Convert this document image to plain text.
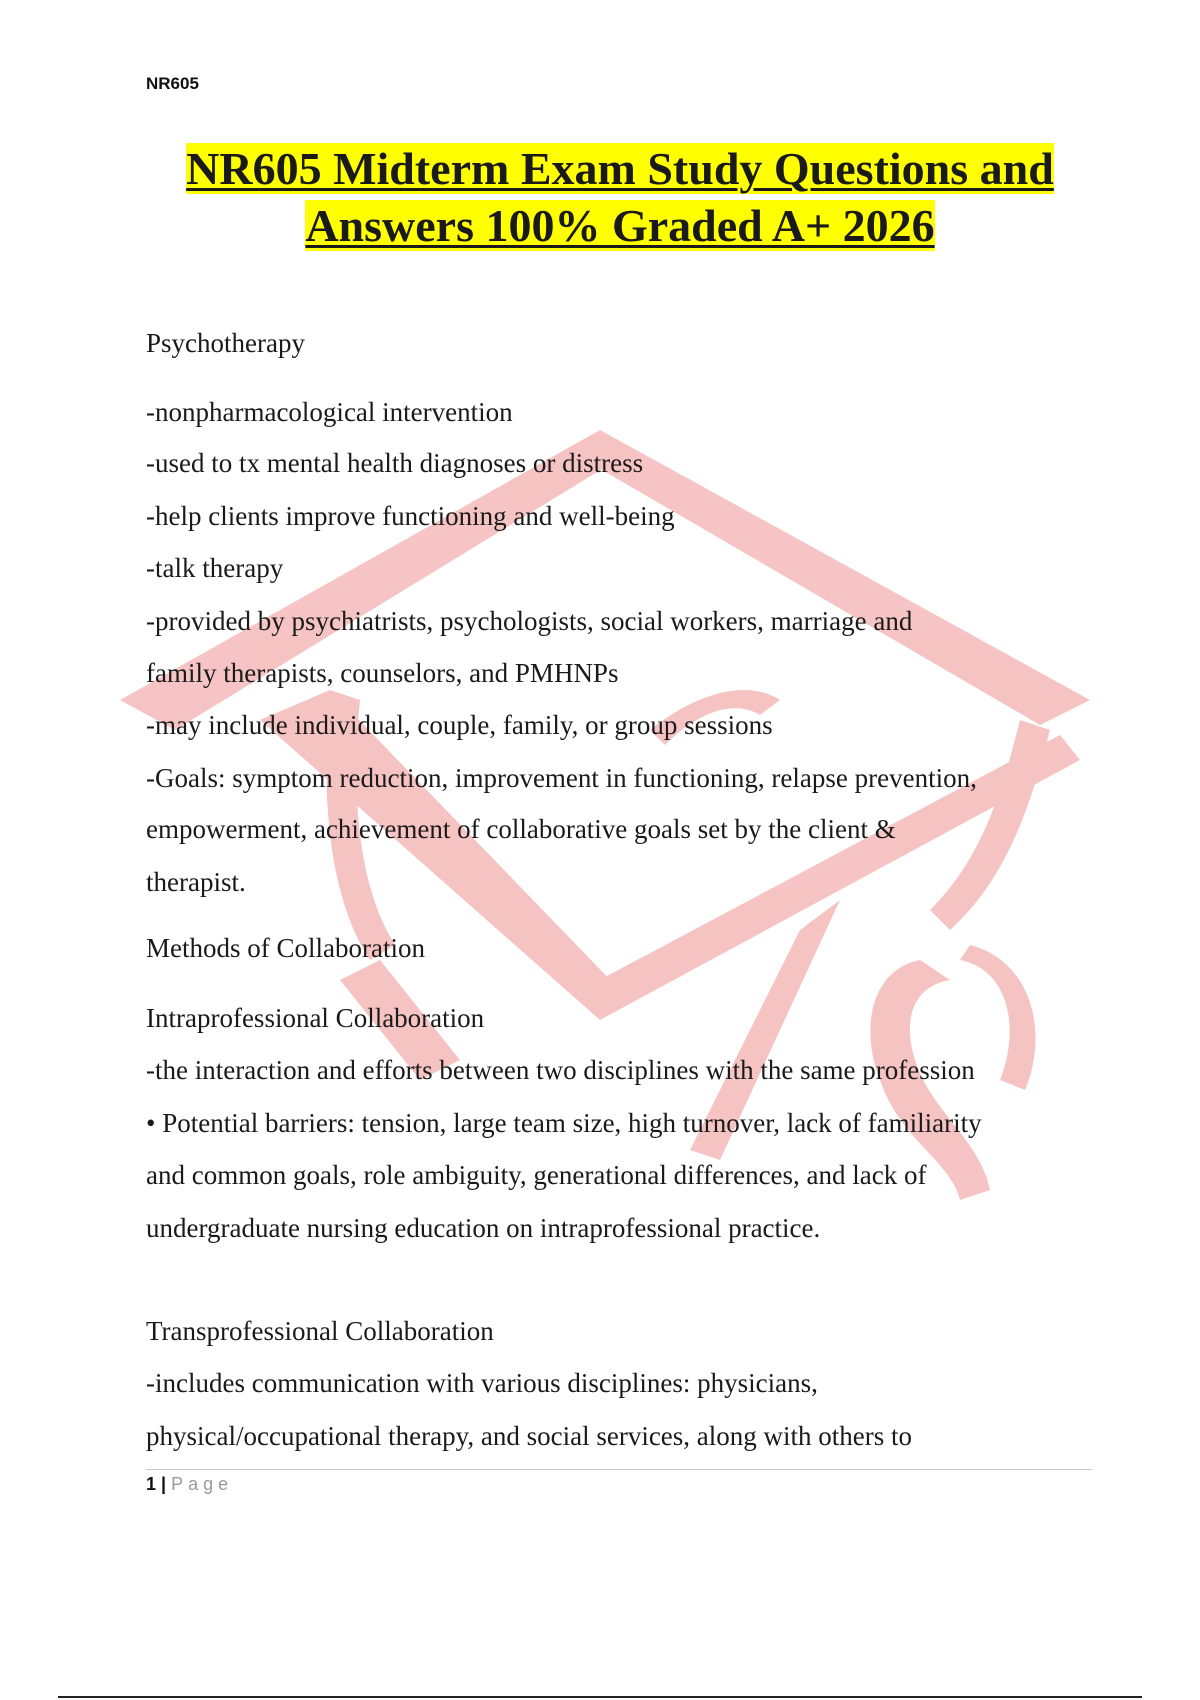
NR605
NR605 Midterm Exam Study Questions and
Answers 100% Graded A+ 2026
Psychotherapy
-nonpharmacological intervention
-used to tx mental health diagnoses or distress
-help clients improve functioning and well-being
-talk therapy
-provided by psychiatrists, psychologists, social workers, marriage and
family therapists, counselors, and PMHNPs
-may include individual, couple, family, or group sessions
-Goals: symptom reduction, improvement in functioning, relapse prevention,
empowerment, achievement of collaborative goals set by the client &
therapist.
Methods of Collaboration
Intraprofessional Collaboration
-the interaction and efforts between two disciplines with the same profession
• Potential barriers: tension, large team size, high turnover, lack of familiarity
and common goals, role ambiguity, generational differences, and lack of
undergraduate nursing education on intraprofessional practice.
Transprofessional Collaboration
-includes communication with various disciplines: physicians,
physical/occupational therapy, and social services, along with others to
1 | Page
